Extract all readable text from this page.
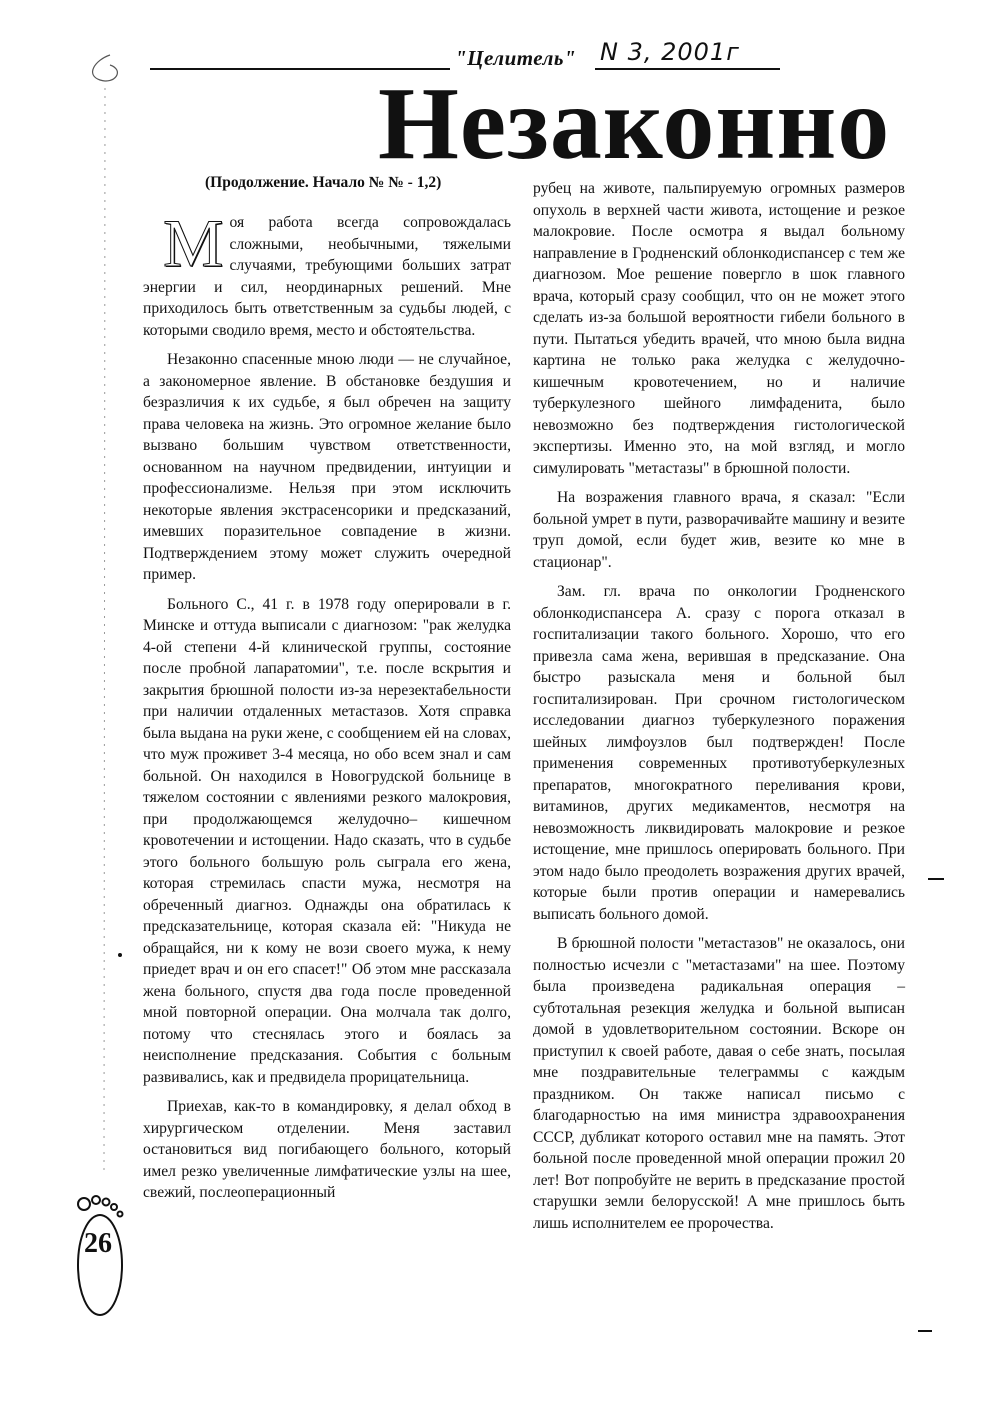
"Целитель" N 3, 2001г
Незаконно
(Продолжение. Начало № № - 1,2)

Моя работа всегда сопровождалась сложными, необычными, тяжелыми случаями, требующими больших затрат энергии и сил, неординарных решений. Мне приходилось быть ответственным за судьбы людей, с которыми сводило время, место и обстоятельства.

Незаконно спасенные мною люди — не случайное, а закономерное явление. В обстановке бездушия и безразличия к их судьбе, я был обречен на защиту права человека на жизнь. Это огромное желание было вызвано большим чувством ответственности, основанном на научном предвидении, интуиции и профессионализме. Нельзя при этом исключить некоторые явления экстрасенсорики и предсказаний, имевших поразительное совпадение в жизни. Подтверждением этому может служить очередной пример.

Больного С., 41 г. в 1978 году оперировали в г. Минске и оттуда выписали с диагнозом: "рак желудка 4-ой степени 4-й клинической группы, состояние после пробной лапаратомии", т.е. после вскрытия и закрытия брюшной полости из-за нерезектабельности при наличии отдаленных метастазов. Хотя справка была выдана на руки жене, с сообщением ей на словах, что муж проживет 3-4 месяца, но обо всем знал и сам больной. Он находился в Новогрудской больнице в тяжелом состоянии с явлениями резкого малокровия, при продолжающемся желудочно– кишечном кровотечении и истощении. Надо сказать, что в судьбе этого больного большую роль сыграла его жена, которая стремилась спасти мужа, несмотря на обреченный диагноз. Однажды она обратилась к предсказательнице, которая сказала ей: "Никуда не обращайся, ни к кому не вози своего мужа, к нему приедет врач и он его спасет!" Об этом мне рассказала жена больного, спустя два года после проведенной мной повторной операции. Она молчала так долго, потому что стеснялась этого и боялась за неисполнение предсказания. События с больным развивались, как и предвидела прорицательница.

Приехав, как-то в командировку, я делал обход в хирургическом отделении. Меня заставил остановиться вид погибающего больного, который имел резко увеличенные лимфатические узлы на шее, свежий, послеоперационный

рубец на животе, пальпируемую огромных размеров опухоль в верхней части живота, истощение и резкое малокровие. После осмотра я выдал больному направление в Гродненский облонкодиспансер с тем же диагнозом. Мое решение повергло в шок главного врача, который сразу сообщил, что он не может этого сделать из-за большой вероятности гибели больного в пути. Пытаться убедить врачей, что мною была видна картина не только рака желудка с желудочно-кишечным кровотечением, но и наличие туберкулезного шейного лимфаденита, было невозможно без подтверждения гистологической экспертизы. Именно это, на мой взгляд, и могло симулировать "метастазы" в брюшной полости.

На возражения главного врача, я сказал: "Если больной умрет в пути, разворачивайте машину и везите труп домой, если будет жив, везите ко мне в стационар".

Зам. гл. врача по онкологии Гродненского облонкодиспансера А. сразу с порога отказал в госпитализации такого больного. Хорошо, что его привезла сама жена, верившая в предсказание. Она быстро разыскала меня и больной был госпитализирован. При срочном гистологическом исследовании диагноз туберкулезного поражения шейных лимфоузлов был подтвержден! После применения современных противотуберкулезных препаратов, многократного переливания крови, витаминов, других медикаментов, несмотря на невозможность ликвидировать малокровие и резкое истощение, мне пришлось оперировать больного. При этом надо было преодолеть возражения других врачей, которые были против операции и намеревались выписать больного домой.

В брюшной полости "метастазов" не оказалось, они полностью исчезли с "метастазами" на шее. Поэтому была произведена радикальная операция – субтотальная резекция желудка и больной выписан домой в удовлетворительном состоянии. Вскоре он приступил к своей работе, давая о себе знать, посылая мне поздравительные телеграммы с каждым праздником. Он также написал письмо с благодарностью на имя министра здравоохранения СССР, дубликат которого оставил мне на память. Этот больной после проведенной мной операции прожил 20 лет! Вот попробуйте не верить в предсказание простой старушки земли белорусской! А мне пришлось быть лишь исполнителем ее пророчества.

26
